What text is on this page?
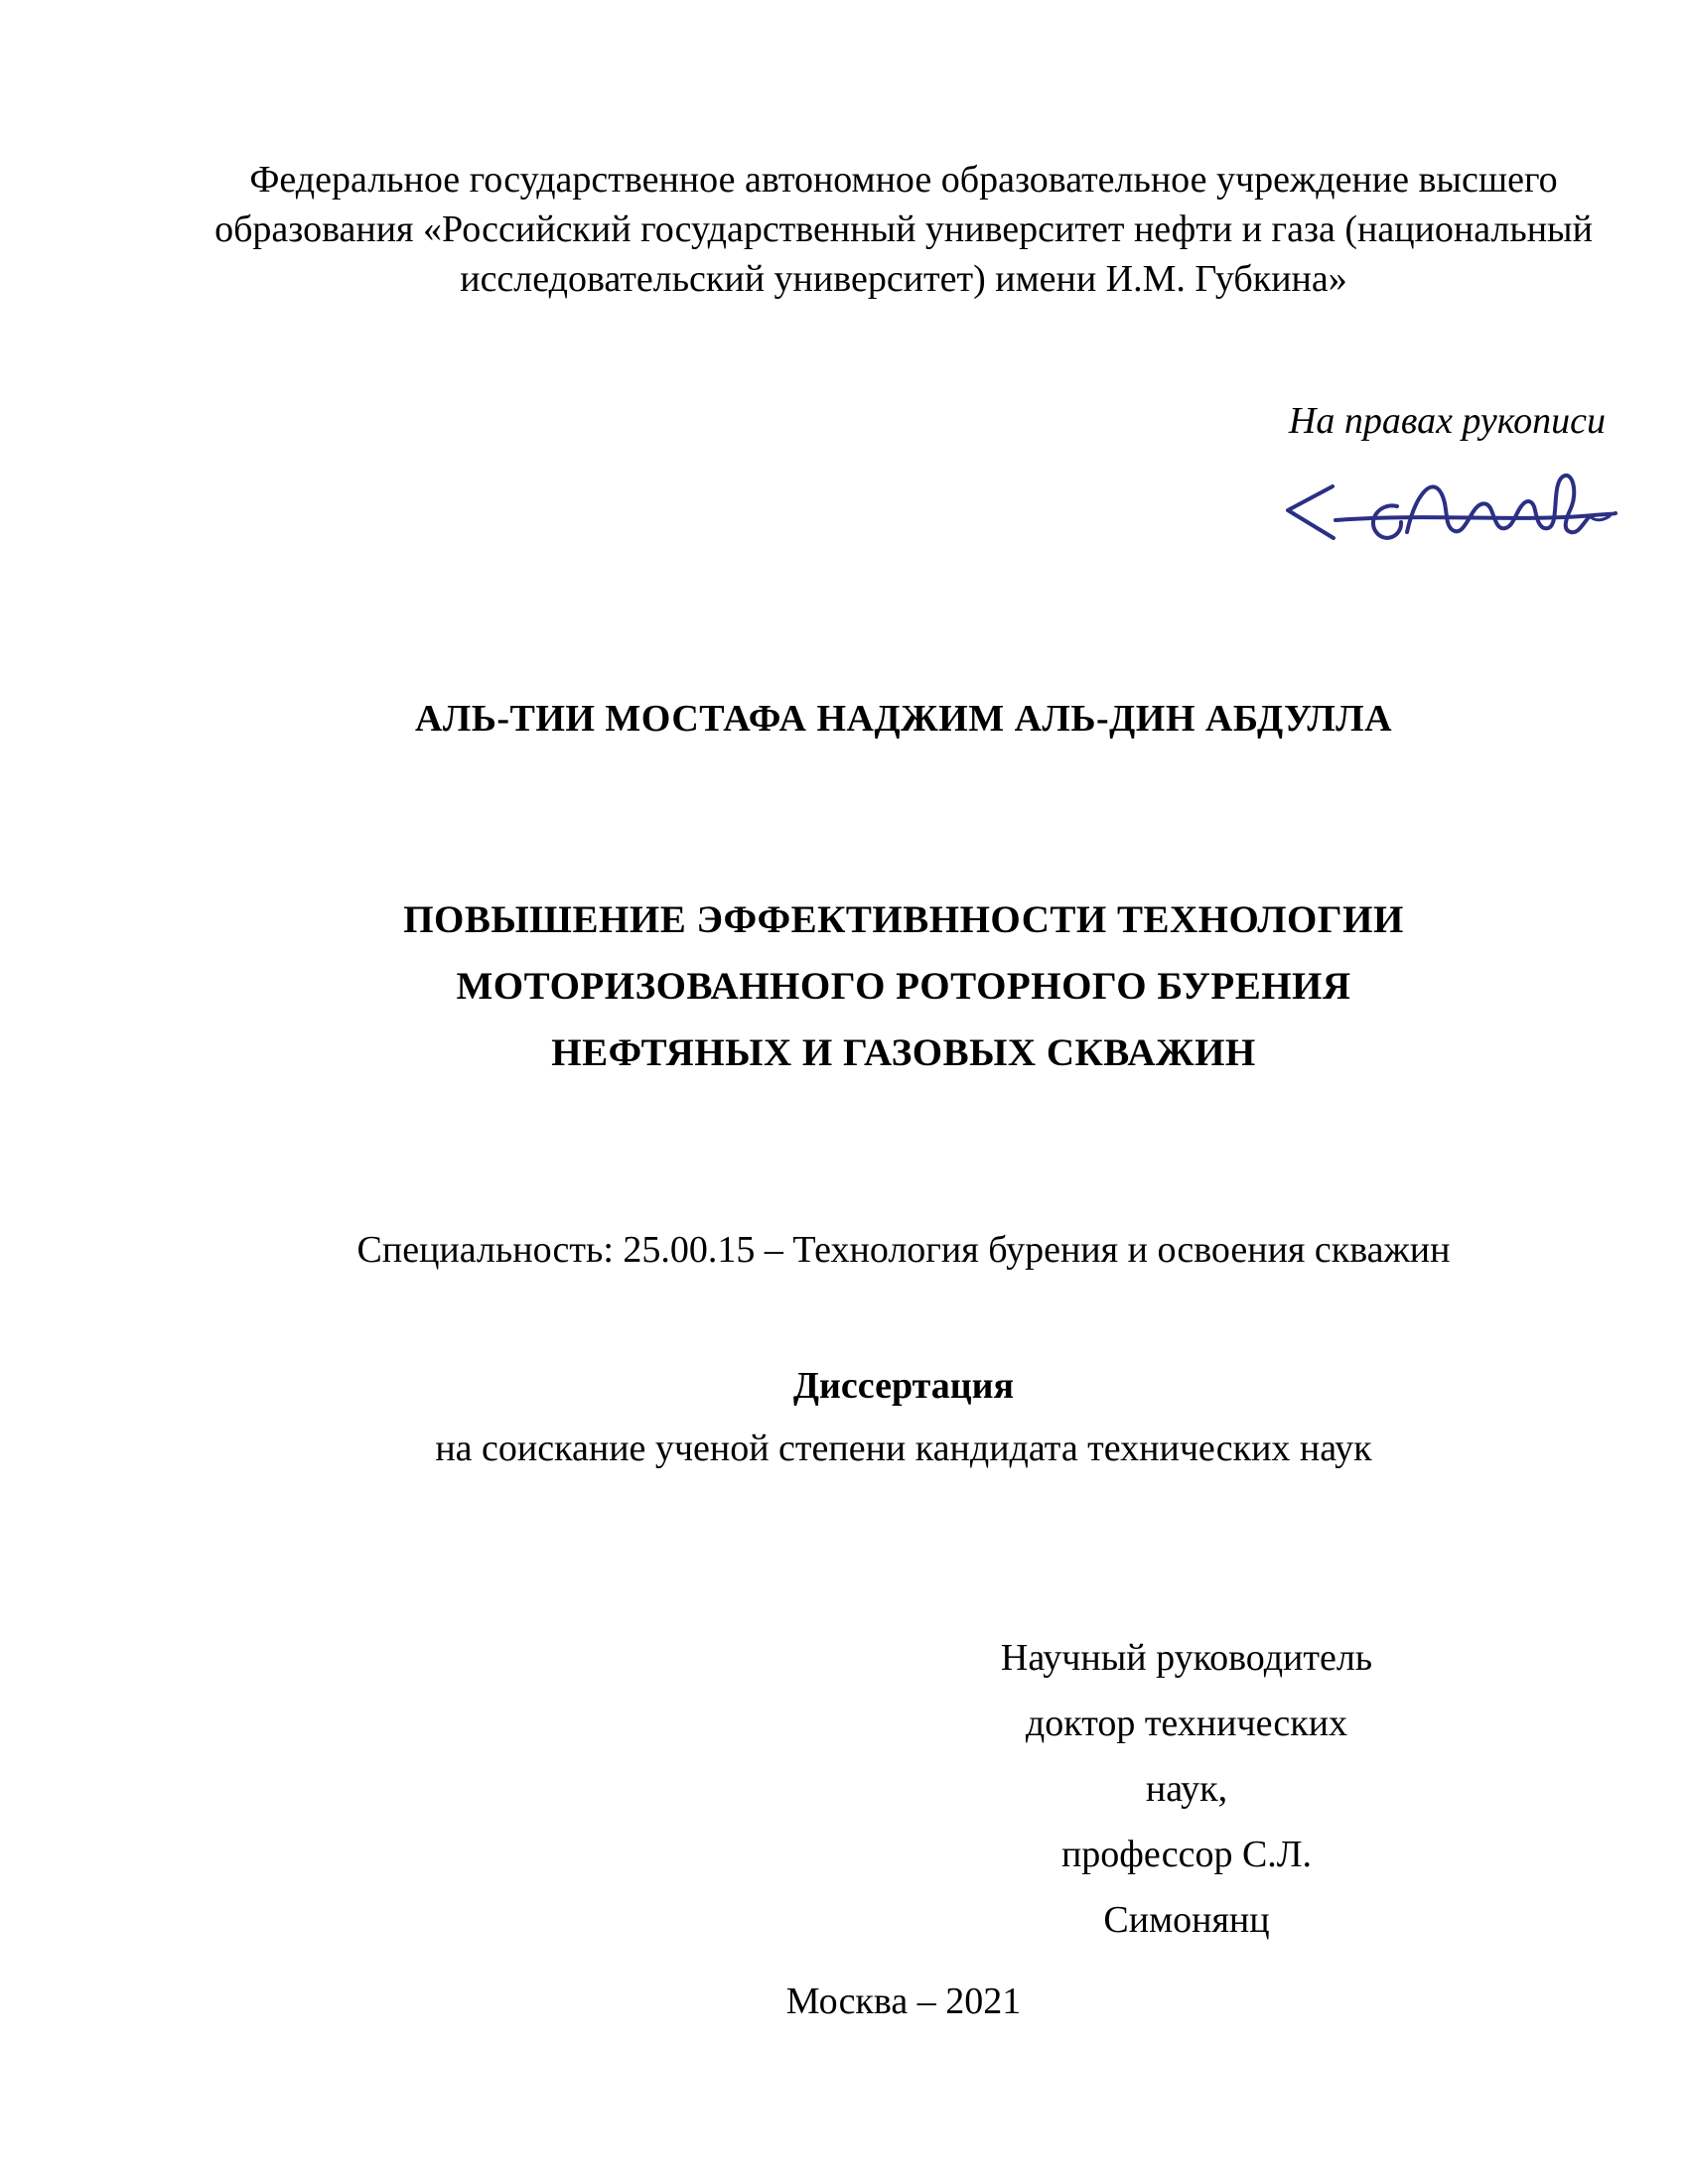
Федеральное государственное автономное образовательное учреждение высшего
образования «Российский государственный университет нефти и газа (национальный
исследовательский университет) имени И.М. Губкина»
На правах рукописи
АЛЬ-ТИИ МОСТАФА НАДЖИМ АЛЬ-ДИН АБДУЛЛА
ПОВЫШЕНИЕ ЭФФЕКТИВННОСТИ ТЕХНОЛОГИИ
МОТОРИЗОВАННОГО РОТОРНОГО БУРЕНИЯ
НЕФТЯНЫХ И ГАЗОВЫХ СКВАЖИН
Специальность: 25.00.15 – Технология бурения и освоения скважин
Диссертация
на соискание ученой степени кандидата технических наук
Научный руководитель
доктор технических наук,
профессор С.Л. Симонянц
Москва – 2021
